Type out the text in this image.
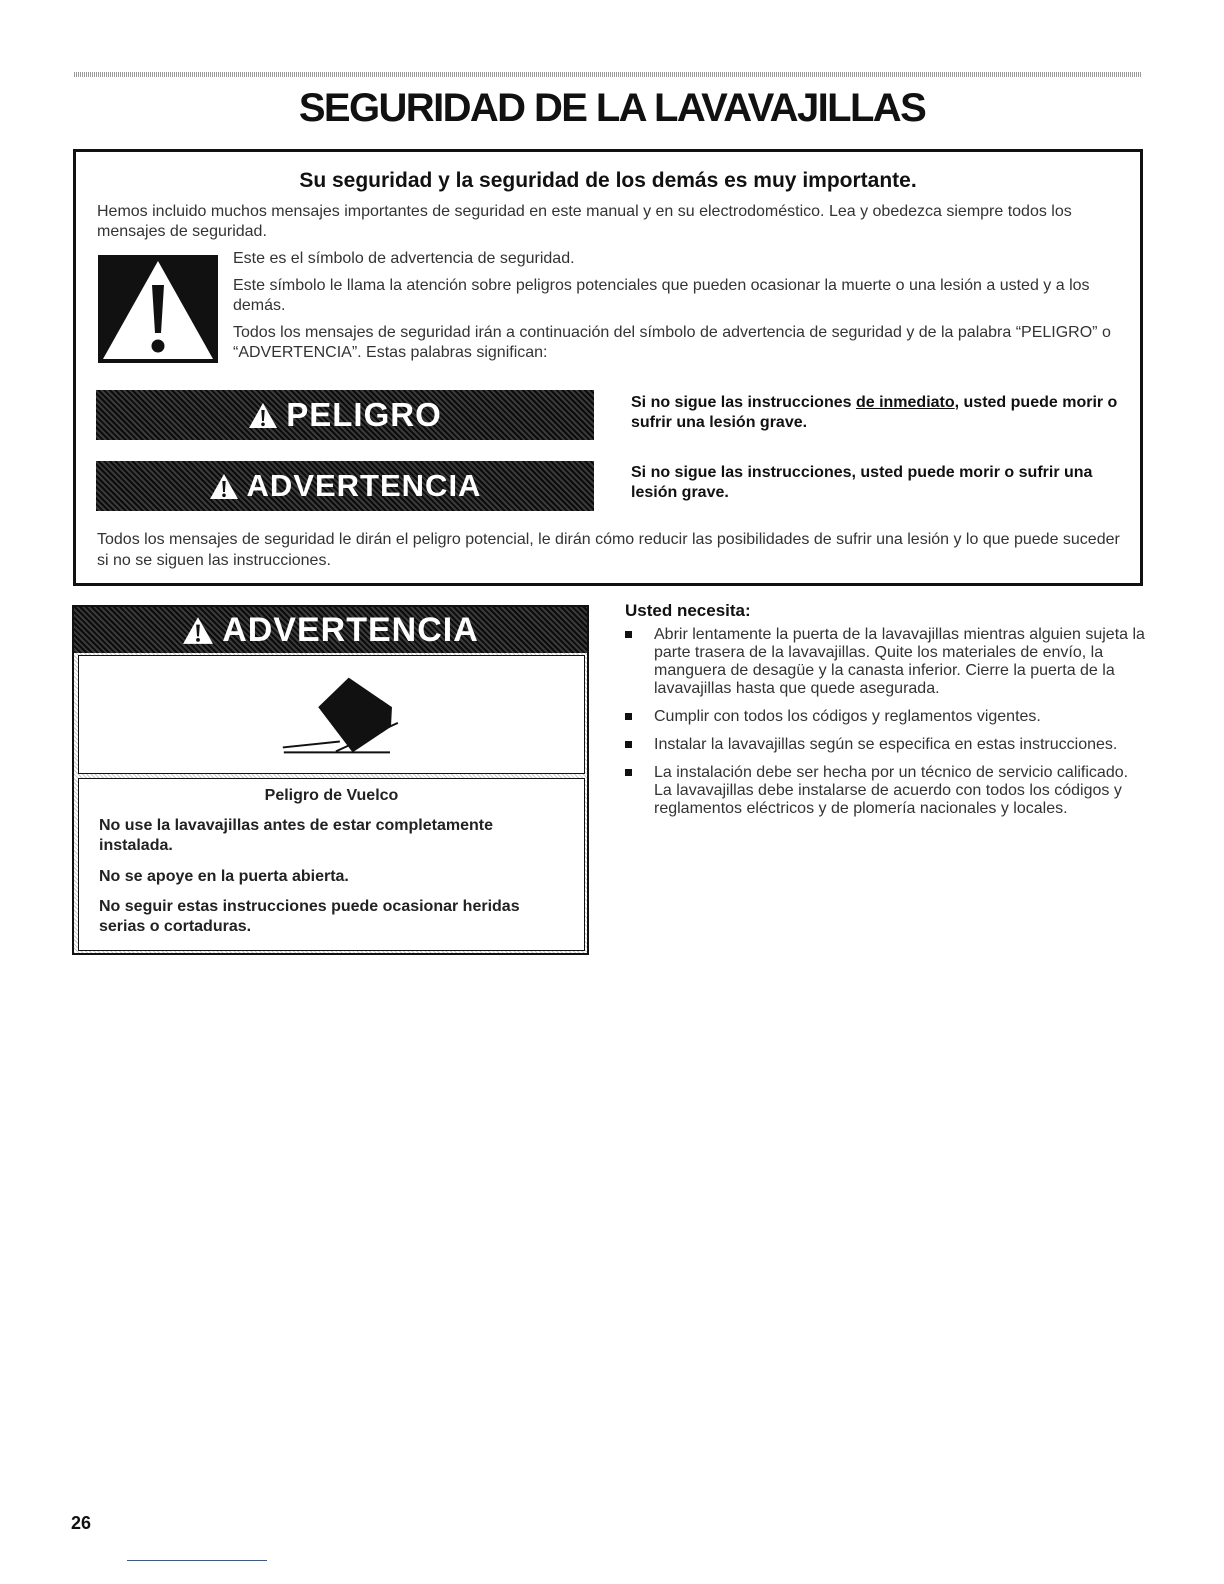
SEGURIDAD DE LA LAVAVAJILLAS
Su seguridad y la seguridad de los demás es muy importante.

Hemos incluido muchos mensajes importantes de seguridad en este manual y en su electrodoméstico. Lea y obedezca siempre todos los mensajes de seguridad.

Este es el símbolo de advertencia de seguridad.

Este símbolo le llama la atención sobre peligros potenciales que pueden ocasionar la muerte o una lesión a usted y a los demás.

Todos los mensajes de seguridad irán a continuación del símbolo de advertencia de seguridad y de la palabra “PELIGRO” o “ADVERTENCIA”. Estas palabras significan:

PELIGRO	Si no sigue las instrucciones de inmediato, usted puede morir o sufrir una lesión grave.

ADVERTENCIA	Si no sigue las instrucciones, usted puede morir o sufrir una lesión grave.

Todos los mensajes de seguridad le dirán el peligro potencial, le dirán cómo reducir las posibilidades de sufrir una lesión y lo que puede suceder si no se siguen las instrucciones.

ADVERTENCIA
Peligro de Vuelco

No use la lavavajillas antes de estar completamente instalada.

No se apoye en la puerta abierta.

No seguir estas instrucciones puede ocasionar heridas serias o cortaduras.

Usted necesita:
Abrir lentamente la puerta de la lavavajillas mientras alguien sujeta la parte trasera de la lavavajillas. Quite los materiales de envío, la manguera de desagüe y la canasta inferior. Cierre la puerta de la lavavajillas hasta que quede asegurada.
Cumplir con todos los códigos y reglamentos vigentes.
Instalar la lavavajillas según se especifica en estas instrucciones.
La instalación debe ser hecha por un técnico de servicio calificado. La lavavajillas debe instalarse de acuerdo con todos los códigos y reglamentos eléctricos y de plomería nacionales y locales.
26
